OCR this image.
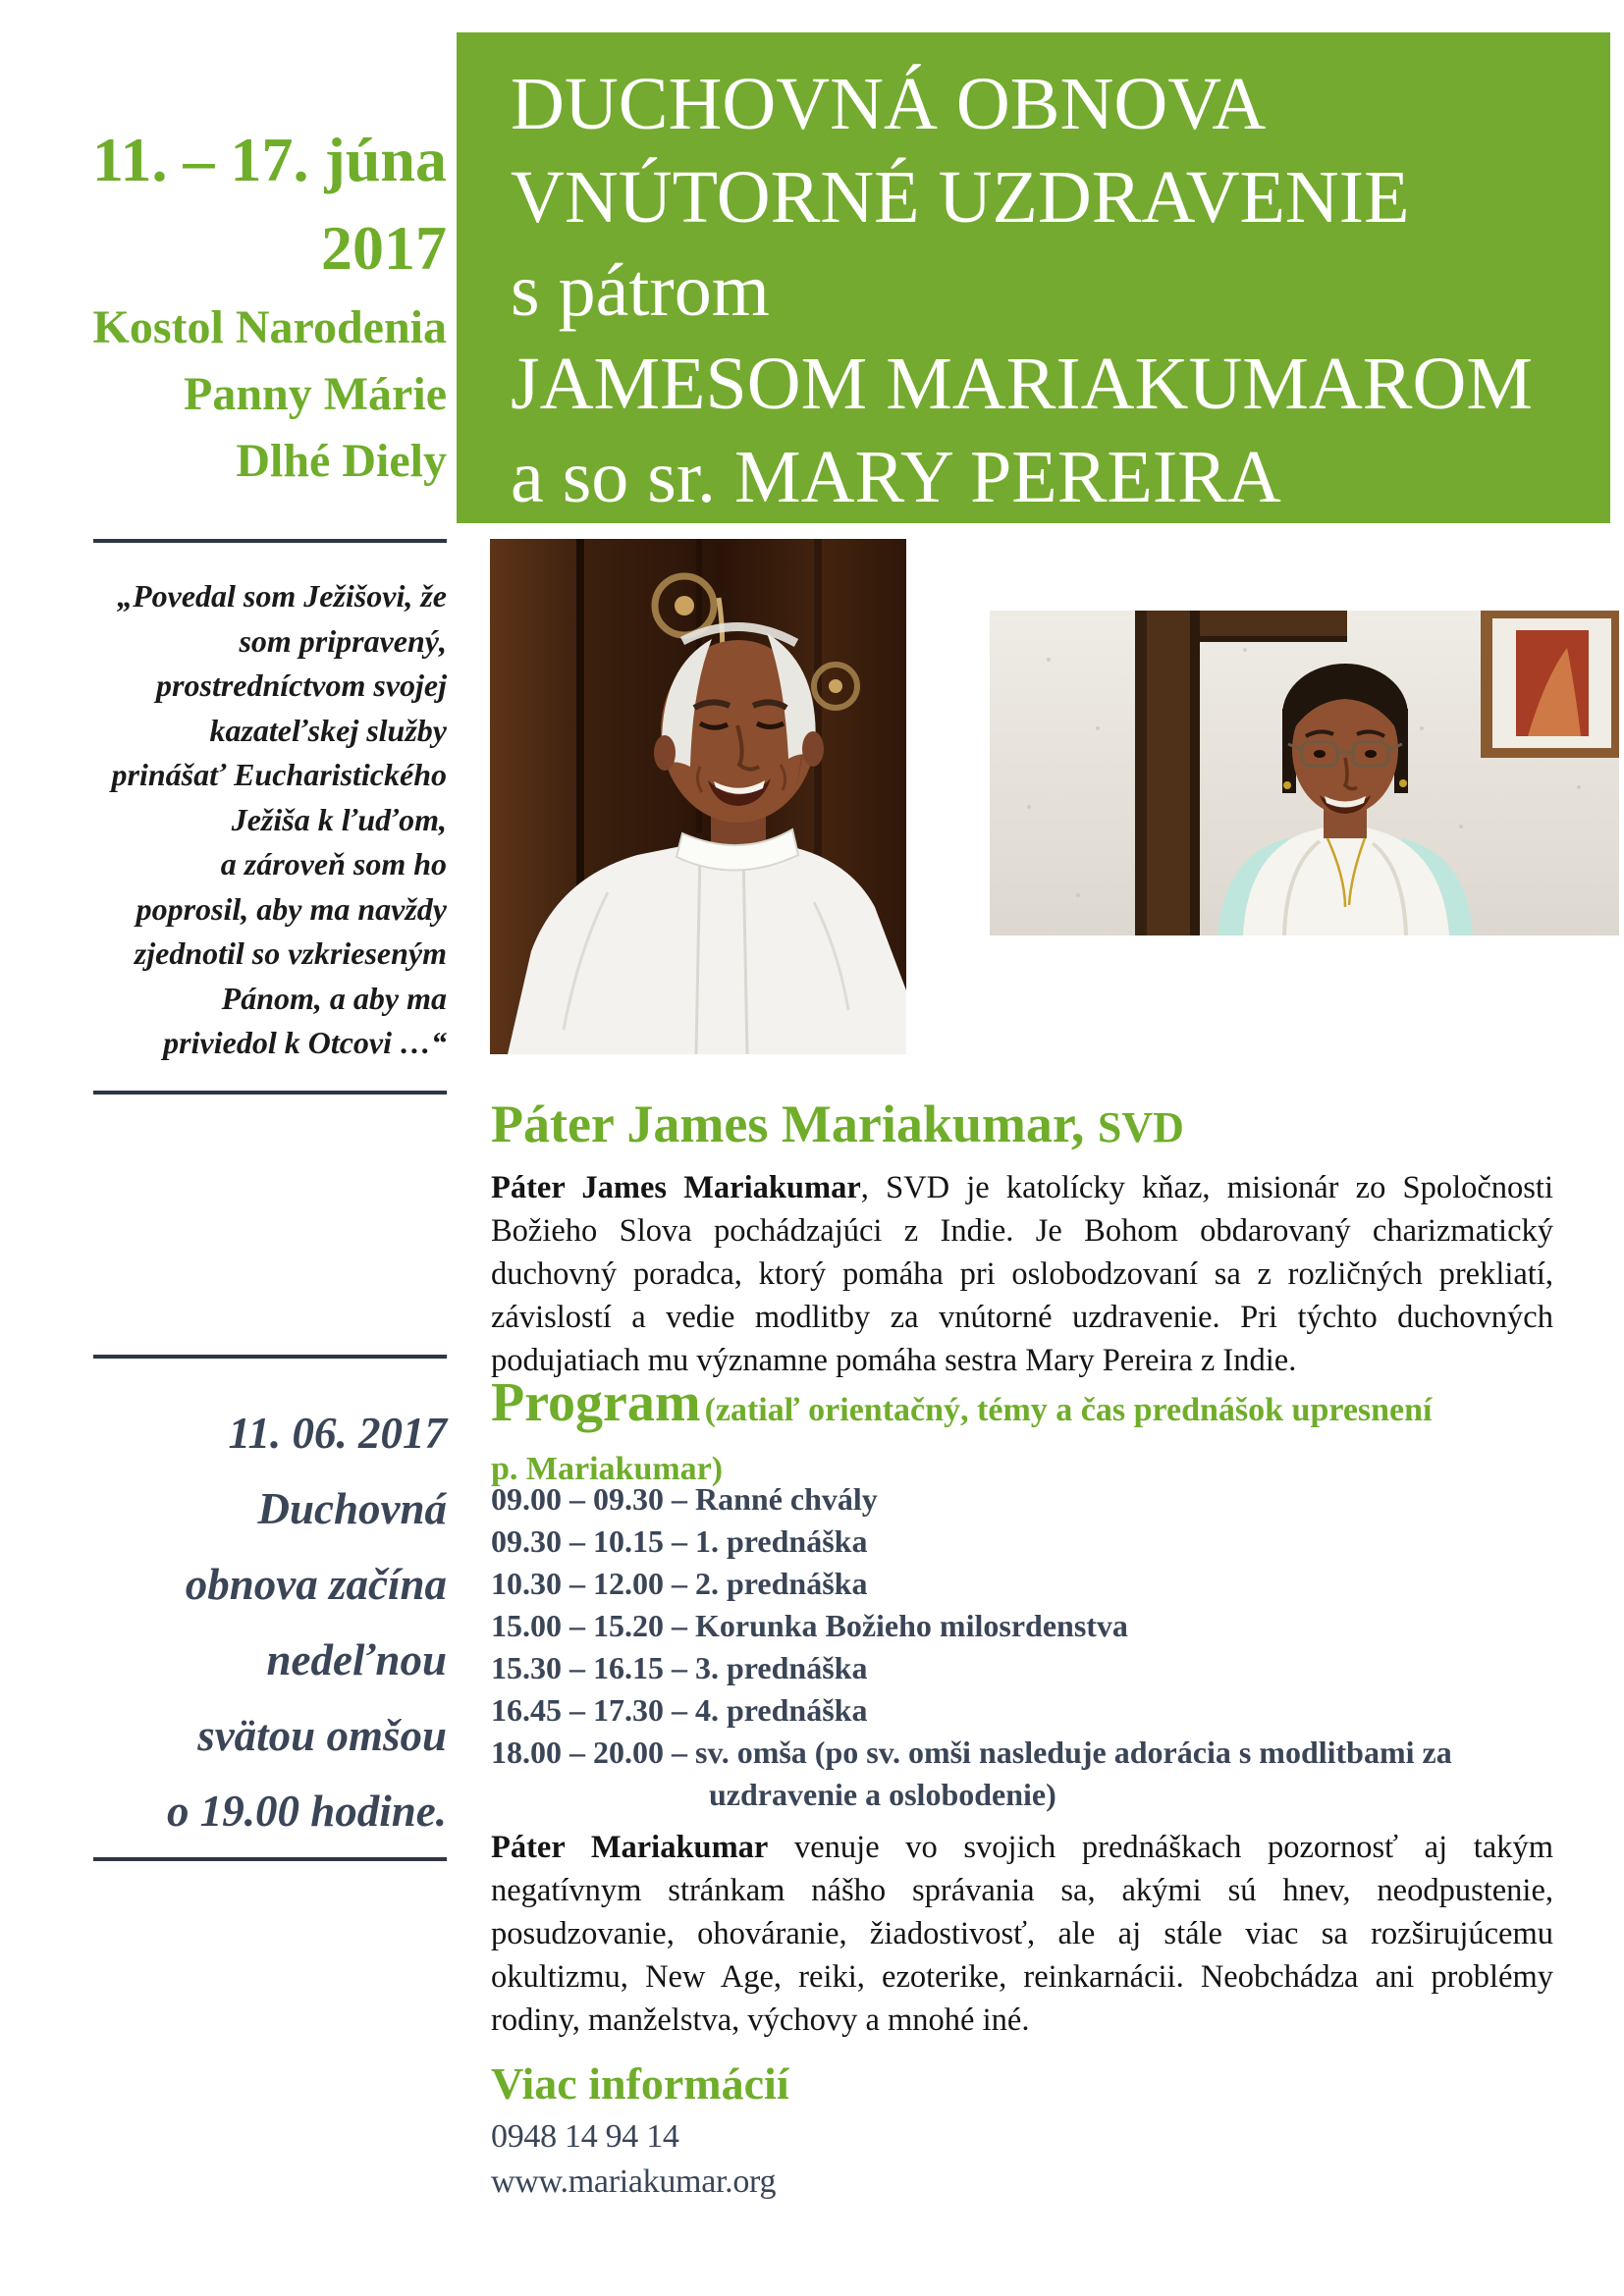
11. – 17. júna
2017
Kostol Narodenia
Panny Márie
Dlhé Diely
„Povedal som Ježišovi, že
som pripravený,
prostredníctvom svojej
kazateľskej služby
prinášať Eucharistického
Ježiša k ľuďom,
a zároveň som ho
poprosil, aby ma navždy
zjednotil so vzkrieseným
Pánom, a aby ma
priviedol k Otcovi …“
11. 06. 2017
Duchovná
obnova začína
nedeľnou
svätou omšou
o 19.00 hodine.
DUCHOVNÁ OBNOVA
VNÚTORNÉ UZDRAVENIE
s pátrom
JAMESOM MARIAKUMAROM
a so sr. MARY PEREIRA
Páter James Mariakumar, SVD

Páter James Mariakumar, SVD je katolícky kňaz, misionár zo Spoločnosti Božieho Slova pochádzajúci z Indie. Je Bohom obdarovaný charizmatický duchovný poradca, ktorý pomáha pri oslobodzovaní sa z rozličných prekliatí, závislostí a vedie modlitby za vnútorné uzdravenie. Pri týchto duchovných podujatiach mu významne pomáha sestra Mary Pereira z Indie.

Program (zatiaľ orientačný, témy a čas prednášok upresnení
p. Mariakumar)
09.00 – 09.30 – Ranné chvály
09.30 – 10.15 – 1. prednáška
10.30 – 12.00 – 2. prednáška
15.00 – 15.20 – Korunka Božieho milosrdenstva
15.30 – 16.15 – 3. prednáška
16.45 – 17.30 – 4. prednáška
18.00 – 20.00 – sv. omša (po sv. omši nasleduje adorácia s modlitbami za
uzdravenie a oslobodenie)

Páter Mariakumar venuje vo svojich prednáškach pozornosť aj takým negatívnym stránkam nášho správania sa, akými sú hnev, neodpustenie, posudzovanie, ohováranie, žiadostivosť, ale aj stále viac sa rozširujúcemu okultizmu, New Age, reiki, ezoterike, reinkarnácii. Neobchádza ani problémy rodiny, manželstva, výchovy a mnohé iné.

Viac informácií
0948 14 94 14
www.mariakumar.org
